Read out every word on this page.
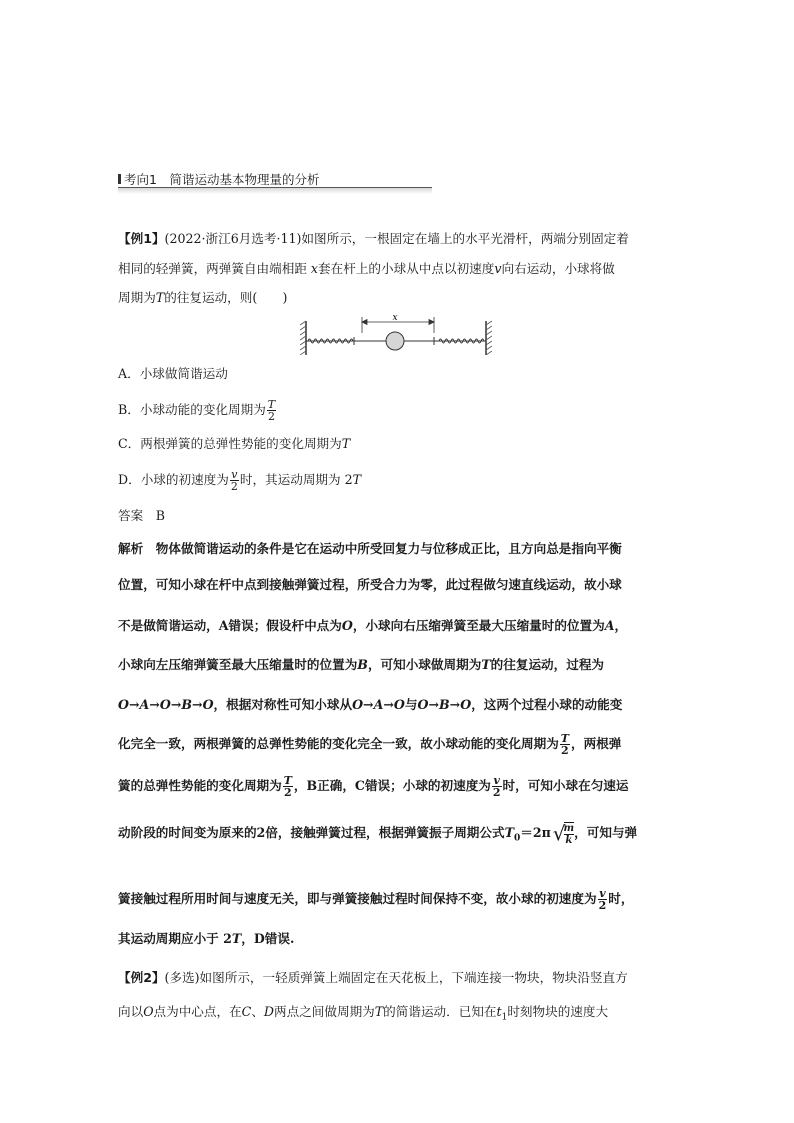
考向1　简谐运动基本物理量的分析
【例1】(2022·浙江6月选考·11)如图所示，一根固定在墙上的水平光滑杆，两端分别固定着
相同的轻弹簧，两弹簧自由端相距 x套在杆上的小球从中点以初速度v向右运动，小球将做
周期为T的往复运动，则(　　)
x
A．小球做简谐运动
B．小球动能的变化周期为 $\frac{T}{2}$
C．两根弹簧的总弹性势能的变化周期为T
D．小球的初速度为 $\frac{v}{2}$ 时，其运动周期为 2T
答案　B
解析　物体做简谐运动的条件是它在运动中所受回复力与位移成正比，且方向总是指向平衡
位置，可知小球在杆中点到接触弹簧过程，所受合力为零，此过程做匀速直线运动，故小球
不是做简谐运动，A错误；假设杆中点为O，小球向右压缩弹簧至最大压缩量时的位置为A，
小球向左压缩弹簧至最大压缩量时的位置为B，可知小球做周期为T的往复运动，过程为
O→A→O→B→O，根据对称性可知小球从O→A→O与O→B→O，这两个过程小球的动能变
化完全一致，两根弹簧的总弹性势能的变化完全一致，故小球动能的变化周期为 $\frac{T}{2}$ ，两根弹
簧的总弹性势能的变化周期为 $\frac{T}{2}$ ，B正确，C错误；小球的初速度为 $\frac{v}{2}$ 时，可知小球在匀速运
动阶段的时间变为原来的2倍，接触弹簧过程，根据弹簧振子周期公式$T_0=2\pi$ √
$\frac{m}{k}$ ，可知与弹
簧接触过程所用时间与速度无关，即与弹簧接触过程时间保持不变，故小球的初速度为 $\frac{v}{2}$ 时，
其运动周期应小于 2T，D错误.
【例2】(多选)如图所示，一轻质弹簧上端固定在天花板上，下端连接一物块，物块沿竖直方
向以O点为中心点，在C、D两点之间做周期为T的简谐运动．已知在$t_1$时刻物块的速度大
